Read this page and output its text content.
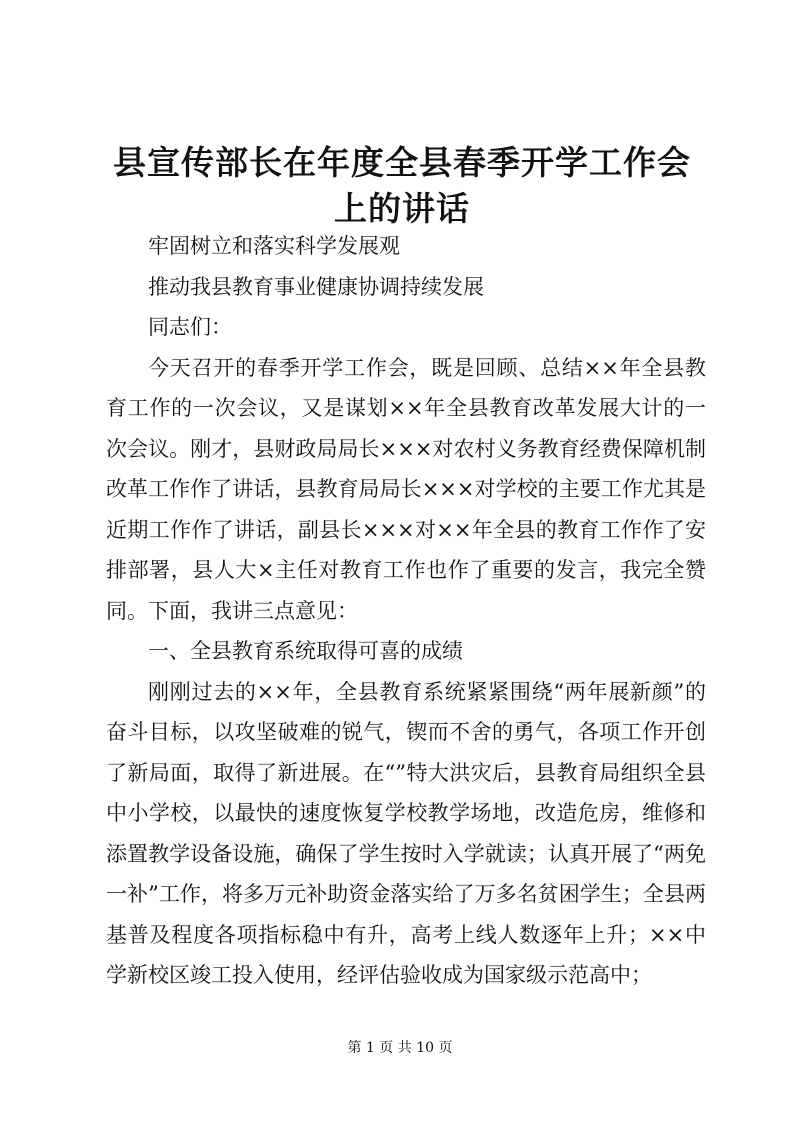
县宣传部长在年度全县春季开学工作会上的讲话

牢固树立和落实科学发展观

推动我县教育事业健康协调持续发展

同志们：

今天召开的春季开学工作会，既是回顾、总结××年全县教育工作的一次会议，又是谋划××年全县教育改革发展大计的一次会议。刚才，县财政局局长×××对农村义务教育经费保障机制改革工作作了讲话，县教育局局长×××对学校的主要工作尤其是近期工作作了讲话，副县长×××对××年全县的教育工作作了安排部署，县人大×主任对教育工作也作了重要的发言，我完全赞同。下面，我讲三点意见：

一、全县教育系统取得可喜的成绩

刚刚过去的××年，全县教育系统紧紧围绕“两年展新颜”的奋斗目标，以攻坚破难的锐气，锲而不舍的勇气，各项工作开创了新局面，取得了新进展。在“”特大洪灾后，县教育局组织全县中小学校，以最快的速度恢复学校教学场地，改造危房，维修和添置教学设备设施，确保了学生按时入学就读；认真开展了“两免一补”工作，将多万元补助资金落实给了万多名贫困学生；全县两基普及程度各项指标稳中有升，高考上线人数逐年上升；××中学新校区竣工投入使用，经评估验收成为国家级示范高中；

第 1 页 共 10 页
